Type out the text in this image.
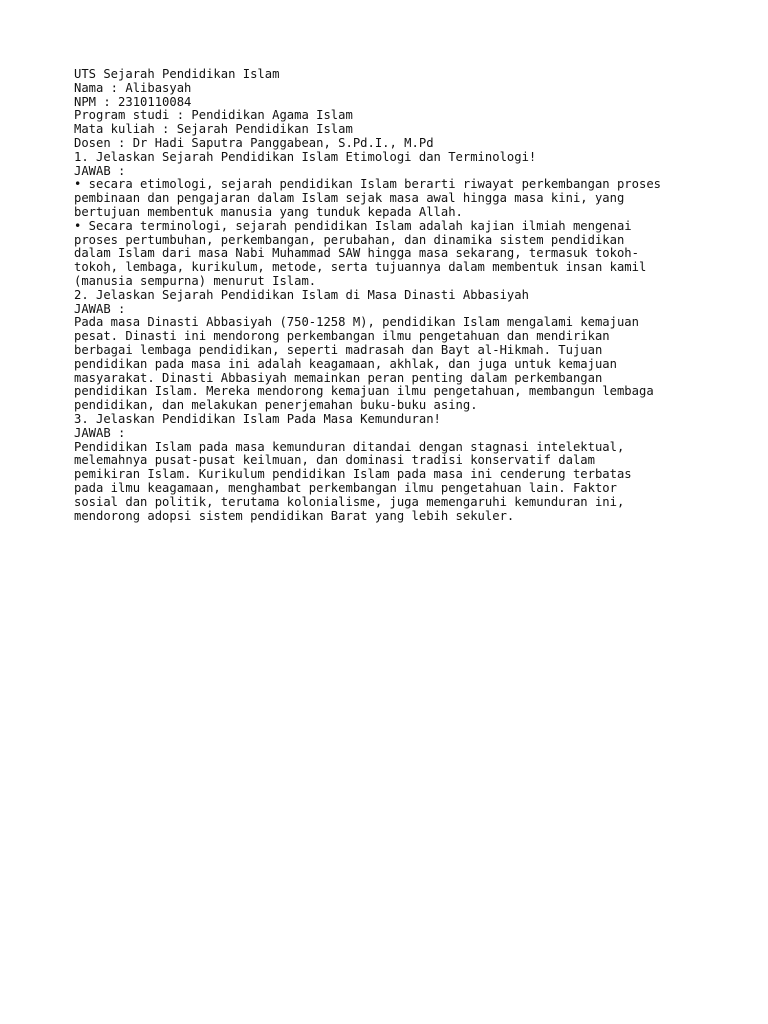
UTS Sejarah Pendidikan Islam
Nama : Alibasyah
NPM : 2310110084
Program studi : Pendidikan Agama Islam
Mata kuliah : Sejarah Pendidikan Islam
Dosen : Dr Hadi Saputra Panggabean, S.Pd.I., M.Pd
1. Jelaskan Sejarah Pendidikan Islam Etimologi dan Terminologi!
JAWAB :
• secara etimologi, sejarah pendidikan Islam berarti riwayat perkembangan proses
pembinaan dan pengajaran dalam Islam sejak masa awal hingga masa kini, yang
bertujuan membentuk manusia yang tunduk kepada Allah.
• Secara terminologi, sejarah pendidikan Islam adalah kajian ilmiah mengenai
proses pertumbuhan, perkembangan, perubahan, dan dinamika sistem pendidikan
dalam Islam dari masa Nabi Muhammad SAW hingga masa sekarang, termasuk tokoh-
tokoh, lembaga, kurikulum, metode, serta tujuannya dalam membentuk insan kamil
(manusia sempurna) menurut Islam.
2. Jelaskan Sejarah Pendidikan Islam di Masa Dinasti Abbasiyah
JAWAB :
Pada masa Dinasti Abbasiyah (750-1258 M), pendidikan Islam mengalami kemajuan
pesat. Dinasti ini mendorong perkembangan ilmu pengetahuan dan mendirikan
berbagai lembaga pendidikan, seperti madrasah dan Bayt al-Hikmah. Tujuan
pendidikan pada masa ini adalah keagamaan, akhlak, dan juga untuk kemajuan
masyarakat. Dinasti Abbasiyah memainkan peran penting dalam perkembangan
pendidikan Islam. Mereka mendorong kemajuan ilmu pengetahuan, membangun lembaga
pendidikan, dan melakukan penerjemahan buku-buku asing.
3. Jelaskan Pendidikan Islam Pada Masa Kemunduran!
JAWAB :
Pendidikan Islam pada masa kemunduran ditandai dengan stagnasi intelektual,
melemahnya pusat-pusat keilmuan, dan dominasi tradisi konservatif dalam
pemikiran Islam. Kurikulum pendidikan Islam pada masa ini cenderung terbatas
pada ilmu keagamaan, menghambat perkembangan ilmu pengetahuan lain. Faktor
sosial dan politik, terutama kolonialisme, juga memengaruhi kemunduran ini,
mendorong adopsi sistem pendidikan Barat yang lebih sekuler.
